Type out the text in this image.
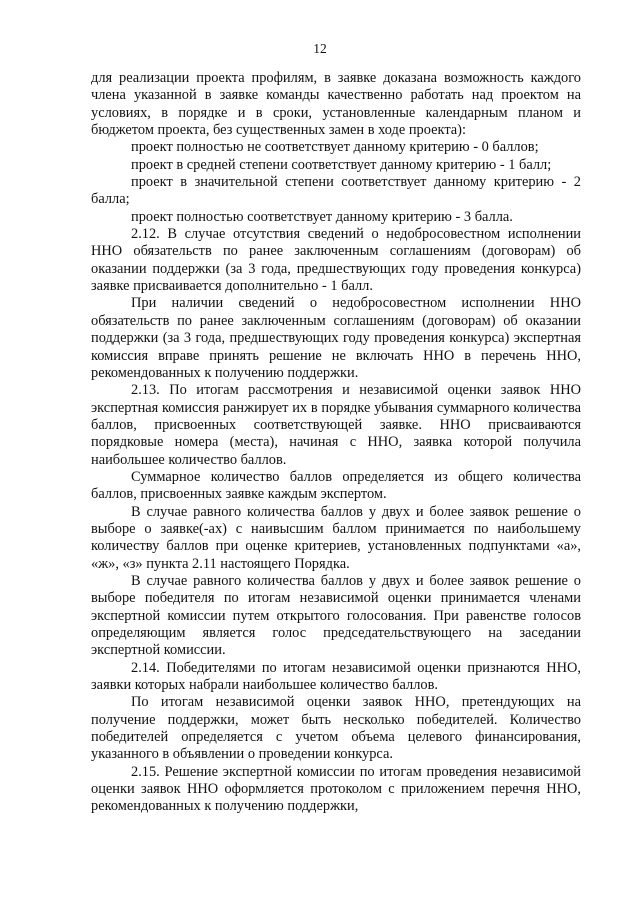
12

для реализации проекта профилям, в заявке доказана возможность каждого члена указанной в заявке команды качественно работать над проектом на условиях, в порядке и в сроки, установленные календарным планом и бюджетом проекта, без существенных замен в ходе проекта):

проект полностью не соответствует данному критерию - 0 баллов;

проект в средней степени соответствует данному критерию - 1 балл;

проект в значительной степени соответствует данному критерию - 2 балла;

проект полностью соответствует данному критерию - 3 балла.

2.12. В случае отсутствия сведений о недобросовестном исполнении ННО обязательств по ранее заключенным соглашениям (договорам) об оказании поддержки (за 3 года, предшествующих году проведения конкурса) заявке присваивается дополнительно - 1 балл.

При наличии сведений о недобросовестном исполнении ННО обязательств по ранее заключенным соглашениям (договорам) об оказании поддержки (за 3 года, предшествующих году проведения конкурса) экспертная комиссия вправе принять решение не включать ННО в перечень ННО, рекомендованных к получению поддержки.

2.13. По итогам рассмотрения и независимой оценки заявок ННО экспертная комиссия ранжирует их в порядке убывания суммарного количества баллов, присвоенных соответствующей заявке. ННО присваиваются порядковые номера (места), начиная с ННО, заявка которой получила наибольшее количество баллов.

Суммарное количество баллов определяется из общего количества баллов, присвоенных заявке каждым экспертом.

В случае равного количества баллов у двух и более заявок решение о выборе о заявке(-ах) с наивысшим баллом принимается по наибольшему количеству баллов при оценке критериев, установленных подпунктами «а», «ж», «з» пункта 2.11 настоящего Порядка.

В случае равного количества баллов у двух и более заявок решение о выборе победителя по итогам независимой оценки принимается членами экспертной комиссии путем открытого голосования. При равенстве голосов определяющим является голос председательствующего на заседании экспертной комиссии.

2.14. Победителями по итогам независимой оценки признаются ННО, заявки которых набрали наибольшее количество баллов.

По итогам независимой оценки заявок ННО, претендующих на получение поддержки, может быть несколько победителей. Количество победителей определяется с учетом объема целевого финансирования, указанного в объявлении о проведении конкурса.

2.15. Решение экспертной комиссии по итогам проведения независимой оценки заявок ННО оформляется протоколом с приложением перечня ННО, рекомендованных к получению поддержки,
